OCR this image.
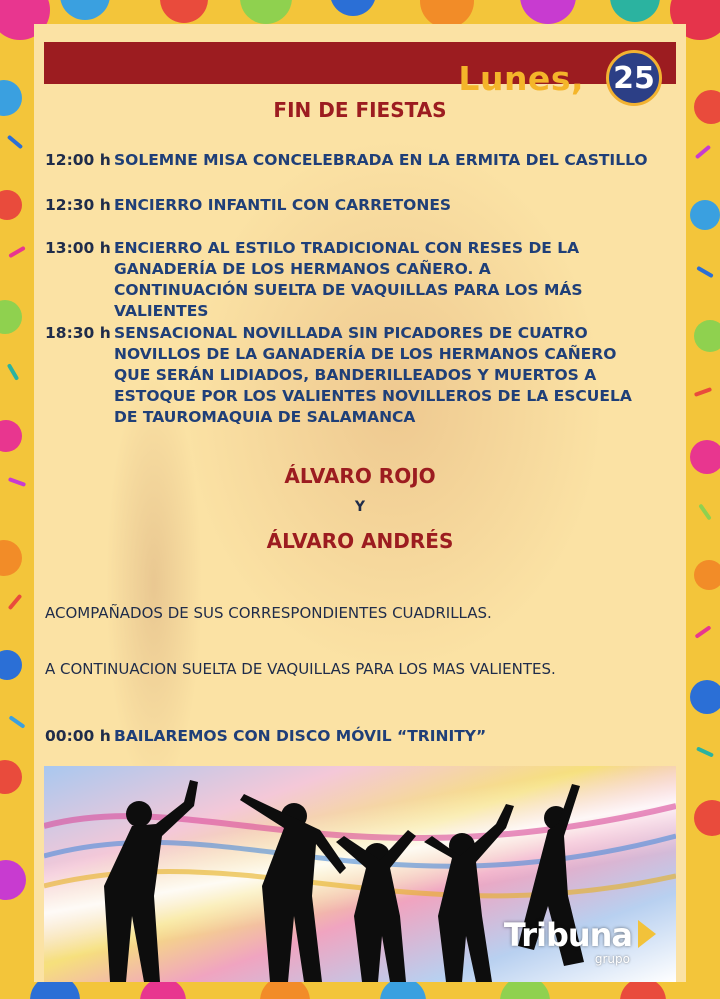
Lunes, 25
FIN DE FIESTAS
12:00 h SOLEMNE MISA CONCELEBRADA EN LA ERMITA DEL CASTILLO
12:30 h ENCIERRO INFANTIL CON CARRETONES
13:00 h ENCIERRO AL ESTILO TRADICIONAL CON RESES DE LA GANADERÍA DE LOS HERMANOS CAÑERO. A CONTINUACIÓN SUELTA DE VAQUILLAS PARA LOS MÁS VALIENTES
18:30 h SENSACIONAL NOVILLADA SIN PICADORES DE CUATRO NOVILLOS DE LA GANADERÍA DE LOS HERMANOS CAÑERO QUE SERÁN LIDIADOS, BANDERILLEADOS Y MUERTOS A ESTOQUE POR LOS VALIENTES NOVILLEROS DE LA ESCUELA DE TAUROMAQUIA DE SALAMANCA
ÁLVARO ROJO
Y
ÁLVARO ANDRÉS
ACOMPAÑADOS DE SUS CORRESPONDIENTES CUADRILLAS.
A CONTINUACION SUELTA DE VAQUILLAS PARA LOS MAS VALIENTES.
00:00 h BAILAREMOS CON DISCO MÓVIL “TRINITY”
Tribuna
grupo
